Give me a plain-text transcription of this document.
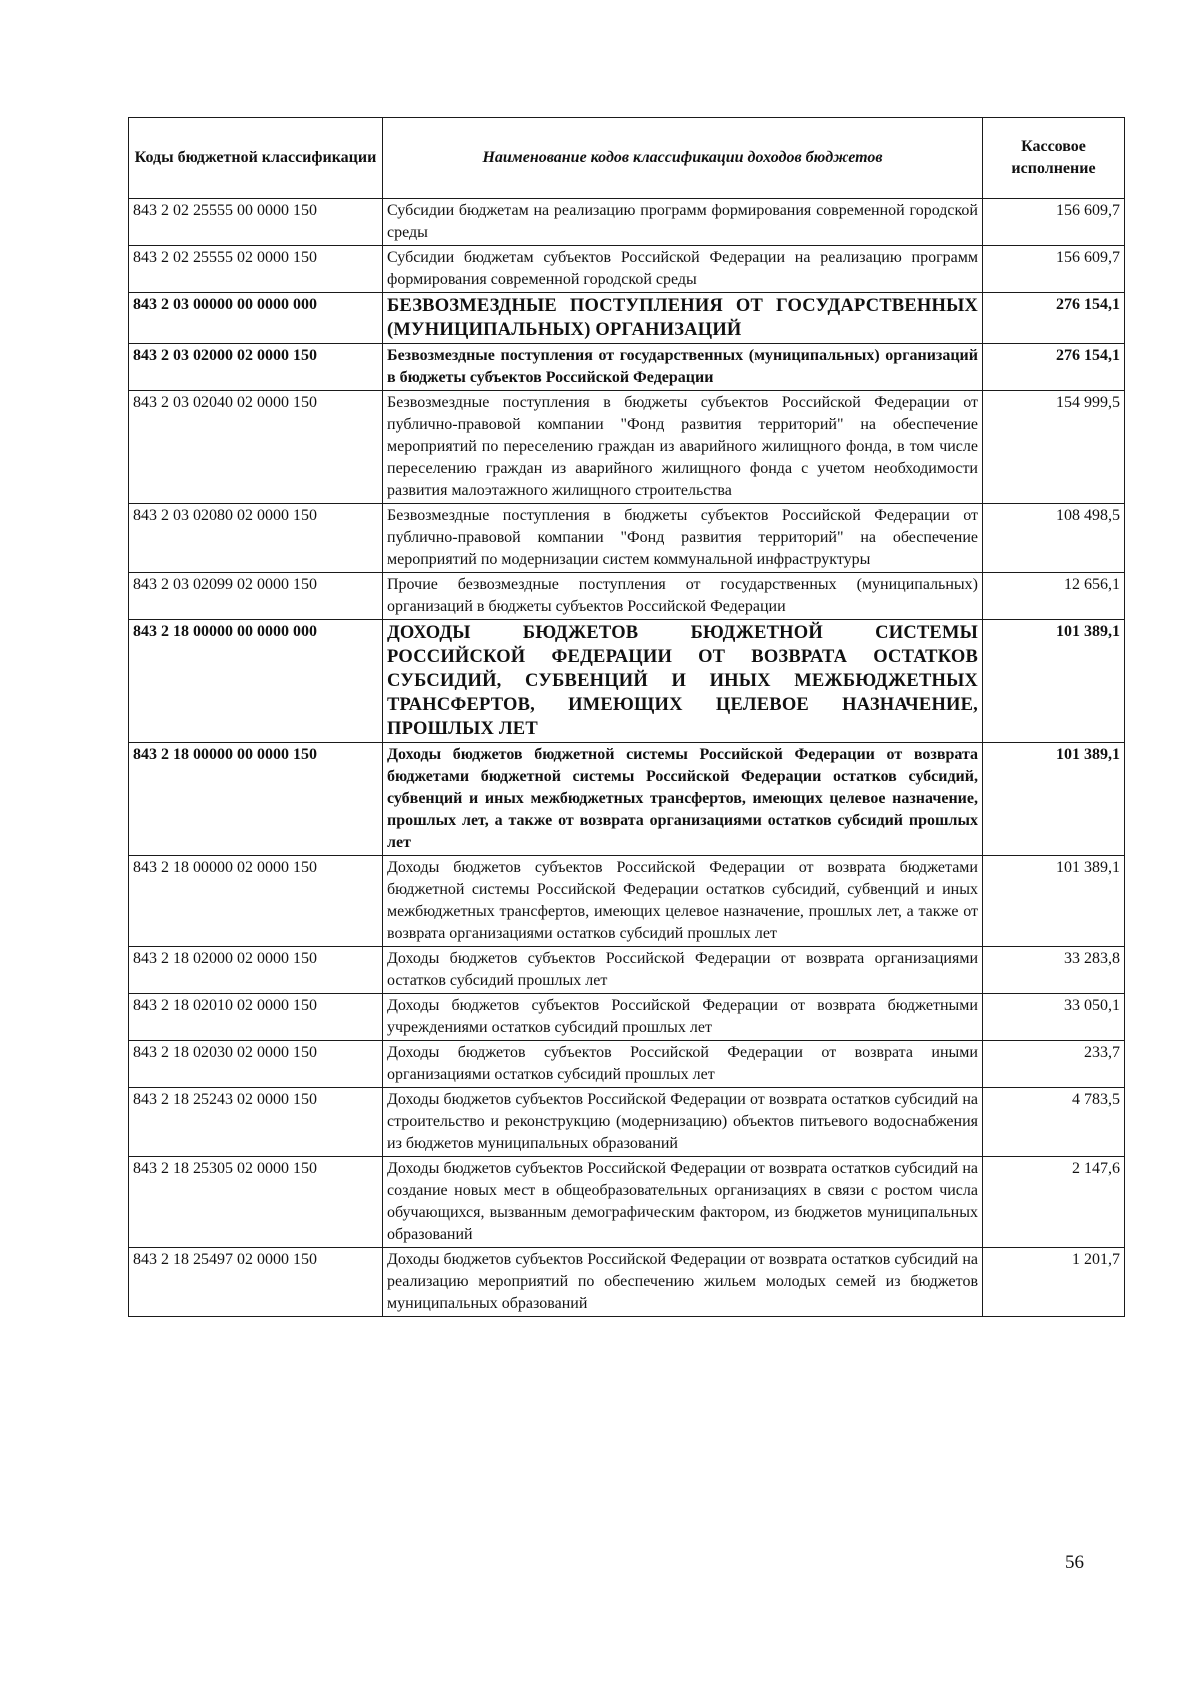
Коды бюджетной классификации	Наименование кодов классификации доходов бюджетов	Кассовое исполнение
843 2 02 25555 00 0000 150	Субсидии бюджетам на реализацию программ формирования современной городской среды	156 609,7
843 2 02 25555 02 0000 150	Субсидии бюджетам субъектов Российской Федерации на реализацию программ формирования современной городской среды	156 609,7
843 2 03 00000 00 0000 000	БЕЗВОЗМЕЗДНЫЕ ПОСТУПЛЕНИЯ ОТ ГОСУДАРСТВЕННЫХ (МУНИЦИПАЛЬНЫХ) ОРГАНИЗАЦИЙ	276 154,1
843 2 03 02000 02 0000 150	Безвозмездные поступления от государственных (муниципальных) организаций в бюджеты субъектов Российской Федерации	276 154,1
843 2 03 02040 02 0000 150	Безвозмездные поступления в бюджеты субъектов Российской Федерации от публично-правовой компании "Фонд развития территорий" на обеспечение мероприятий по переселению граждан из аварийного жилищного фонда, в том числе переселению граждан из аварийного жилищного фонда с учетом необходимости развития малоэтажного жилищного строительства	154 999,5
843 2 03 02080 02 0000 150	Безвозмездные поступления в бюджеты субъектов Российской Федерации от публично-правовой компании "Фонд развития территорий" на обеспечение мероприятий по модернизации систем коммунальной инфраструктуры	108 498,5
843 2 03 02099 02 0000 150	Прочие безвозмездные поступления от государственных (муниципальных) организаций в бюджеты субъектов Российской Федерации	12 656,1
843 2 18 00000 00 0000 000	ДОХОДЫ БЮДЖЕТОВ БЮДЖЕТНОЙ СИСТЕМЫ РОССИЙСКОЙ ФЕДЕРАЦИИ ОТ ВОЗВРАТА ОСТАТКОВ СУБСИДИЙ, СУБВЕНЦИЙ И ИНЫХ МЕЖБЮДЖЕТНЫХ ТРАНСФЕРТОВ, ИМЕЮЩИХ ЦЕЛЕВОЕ НАЗНАЧЕНИЕ, ПРОШЛЫХ ЛЕТ	101 389,1
843 2 18 00000 00 0000 150	Доходы бюджетов бюджетной системы Российской Федерации от возврата бюджетами бюджетной системы Российской Федерации остатков субсидий, субвенций и иных межбюджетных трансфертов, имеющих целевое назначение, прошлых лет, а также от возврата организациями остатков субсидий прошлых лет	101 389,1
843 2 18 00000 02 0000 150	Доходы бюджетов субъектов Российской Федерации от возврата бюджетами бюджетной системы Российской Федерации остатков субсидий, субвенций и иных межбюджетных трансфертов, имеющих целевое назначение, прошлых лет, а также от возврата организациями остатков субсидий прошлых лет	101 389,1
843 2 18 02000 02 0000 150	Доходы бюджетов субъектов Российской Федерации от возврата организациями остатков субсидий прошлых лет	33 283,8
843 2 18 02010 02 0000 150	Доходы бюджетов субъектов Российской Федерации от возврата бюджетными учреждениями остатков субсидий прошлых лет	33 050,1
843 2 18 02030 02 0000 150	Доходы бюджетов субъектов Российской Федерации от возврата иными организациями остатков субсидий прошлых лет	233,7
843 2 18 25243 02 0000 150	Доходы бюджетов субъектов Российской Федерации от возврата остатков субсидий на строительство и реконструкцию (модернизацию) объектов питьевого водоснабжения из бюджетов муниципальных образований	4 783,5
843 2 18 25305 02 0000 150	Доходы бюджетов субъектов Российской Федерации от возврата остатков субсидий на создание новых мест в общеобразовательных организациях в связи с ростом числа обучающихся, вызванным демографическим фактором, из бюджетов муниципальных образований	2 147,6
843 2 18 25497 02 0000 150	Доходы бюджетов субъектов Российской Федерации от возврата остатков субсидий на реализацию мероприятий по обеспечению жильем молодых семей из бюджетов муниципальных образований	1 201,7
56
